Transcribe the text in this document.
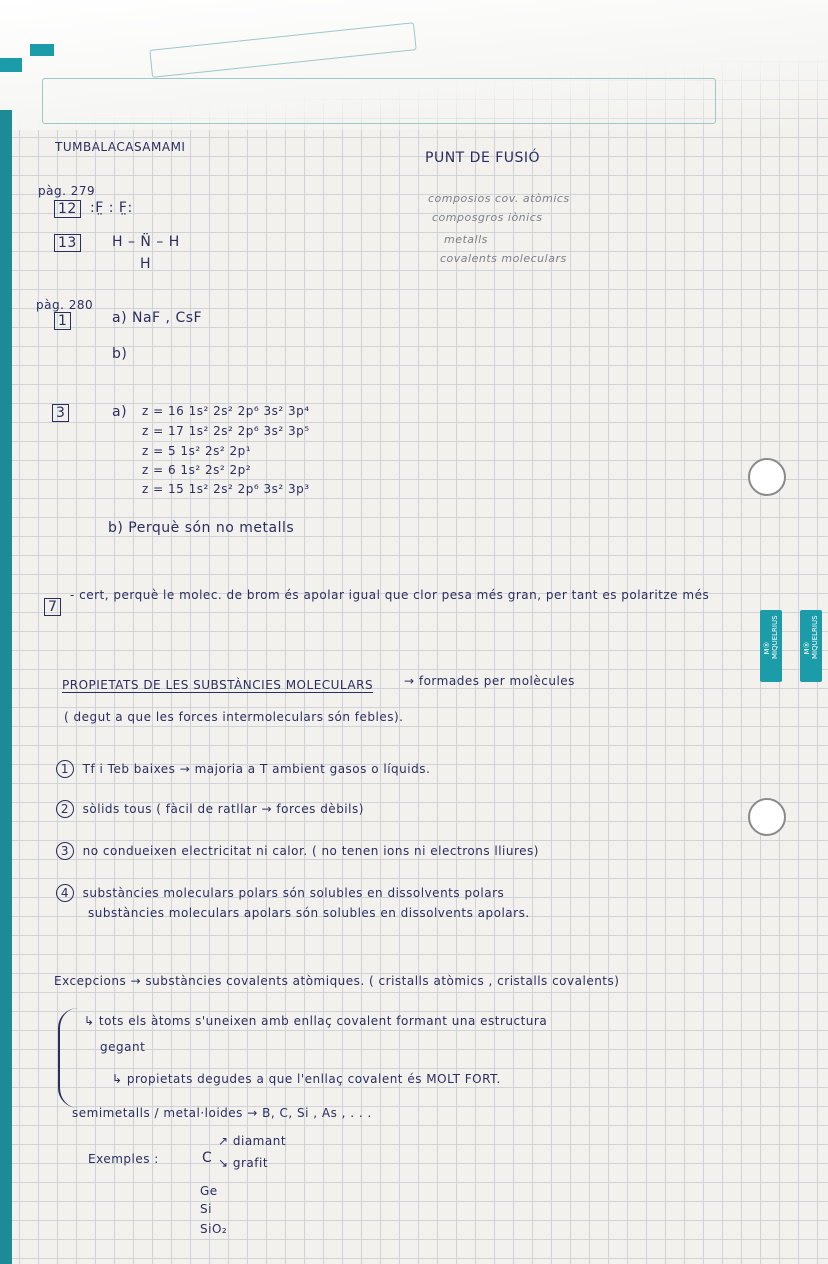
M® MIQUELRIUS	M® MIQUELRIUS
TUMBALACASAMAMI
PUNT DE FUSIÓ
composios cov. atòmics
composgros iònics
metalls
covalents moleculars
pàg. 279
12 :F̤ : F̤:
13	H – N̈ – H
H
pàg. 280
1	a) NaF , CsF
b)
3	a) z = 16 1s² 2s² 2p⁶ 3s² 3p⁴
z = 17 1s² 2s² 2p⁶ 3s² 3p⁵
z = 5 1s² 2s² 2p¹
z = 6 1s² 2s² 2p²
z = 15 1s² 2s² 2p⁶ 3s² 3p³
b) Perquè són no metalls
7
- cert, perquè le molec. de brom és apolar igual que clor pesa més gran, per tant es polaritze més
PROPIETATS DE LES SUBSTÀNCIES MOLECULARS	→ formades per molècules
( degut a que les forces intermoleculars són febles).
1 Tf i Teb baixes → majoria a T ambient gasos o líquids.
2 sòlids tous ( fàcil de ratllar → forces dèbils)
3 no condueixen electricitat ni calor. ( no tenen ions ni electrons lliures)
4 substàncies moleculars polars són solubles en dissolvents polars
substàncies moleculars apolars són solubles en dissolvents apolars.
Excepcions → substàncies covalents atòmiques. ( cristalls atòmics , cristalls covalents)
↳ tots els àtoms s'uneixen amb enllaç covalent formant una estructura
gegant
↳ propietats degudes a que l'enllaç covalent és MOLT FORT.
semimetalls / metal·loides → B, C, Si , As , . . .
Exemples :	C
↗ diamant
↘ grafit
Ge
Si
SiO₂
